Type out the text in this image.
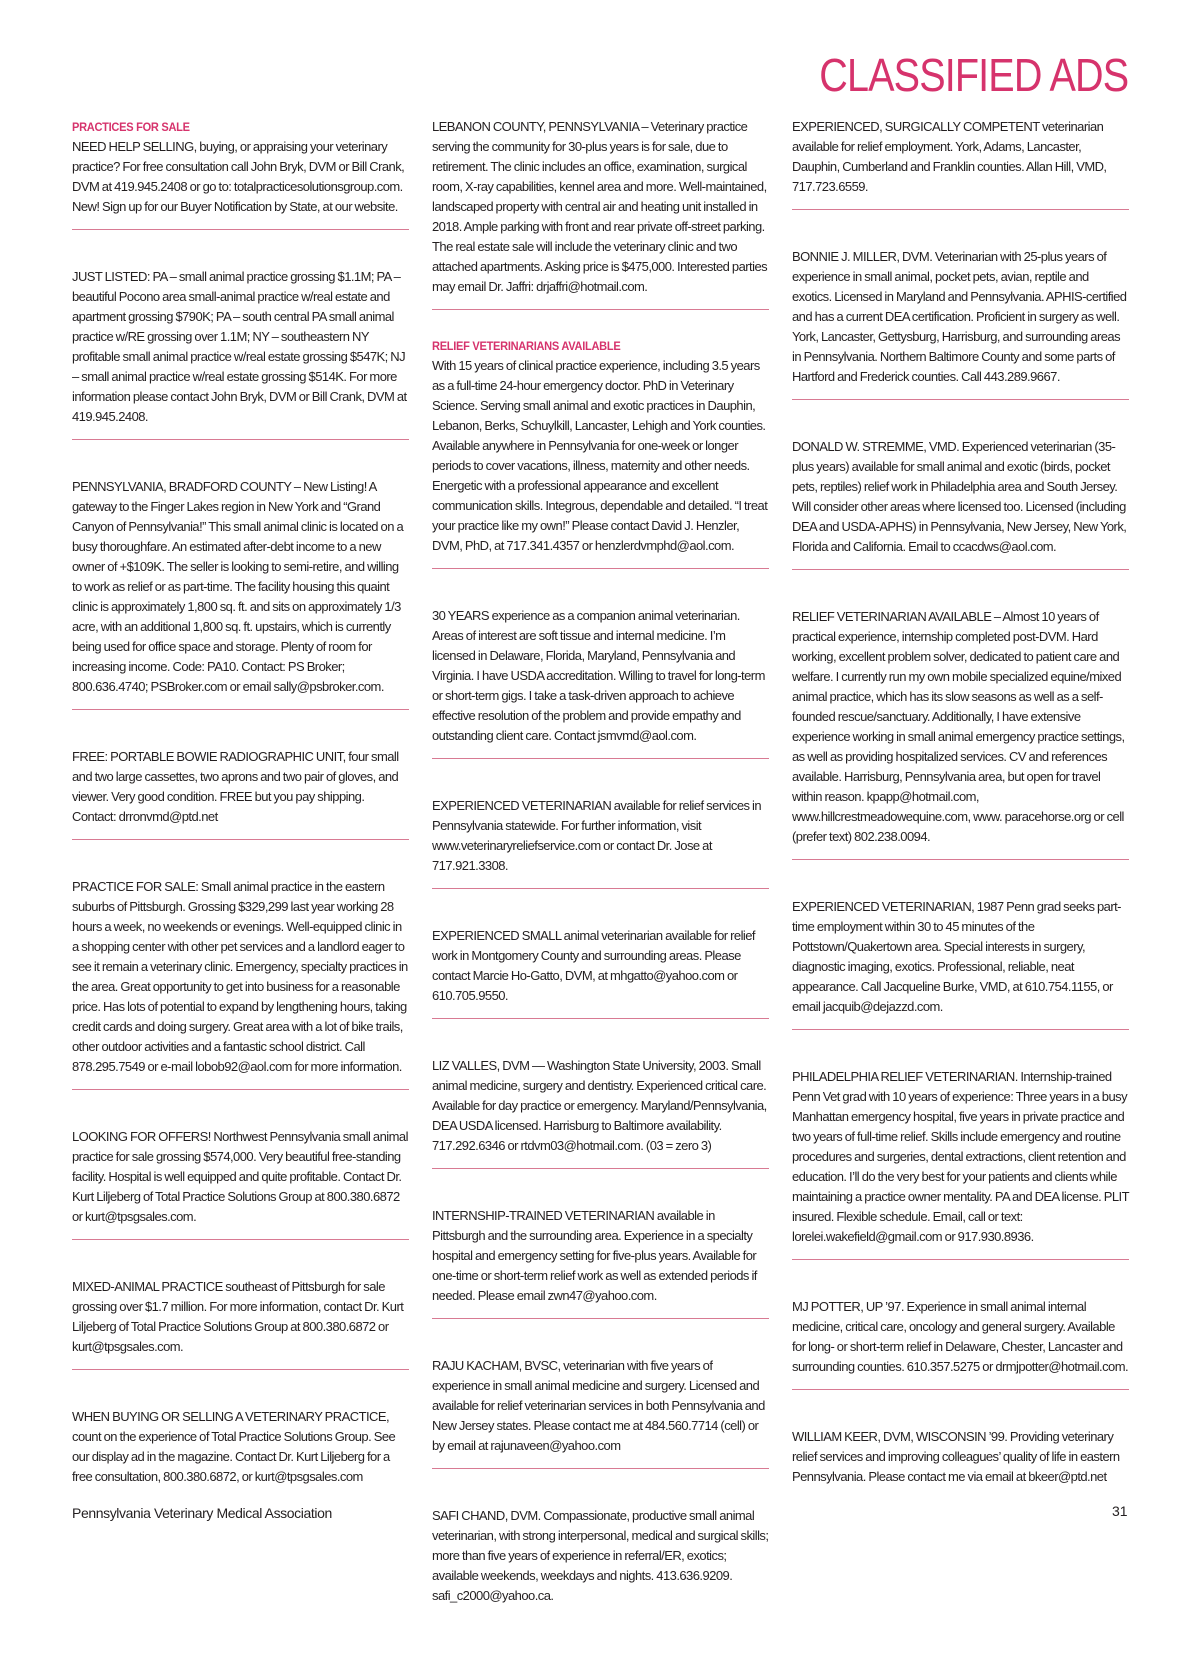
CLASSIFIED ADS
PRACTICES FOR SALE

NEED HELP SELLING, buying, or appraising your veterinary practice? For free consultation call John Bryk, DVM or Bill Crank, DVM at 419.945.2408 or go to: totalpracticesolutionsgroup.com. New! Sign up for our Buyer Notification by State, at our website.

JUST LISTED: PA – small animal practice grossing $1.1M; PA – beautiful Pocono area small-animal practice w/real estate and apartment grossing $790K; PA – south central PA small animal practice w/RE grossing over 1.1M; NY – southeastern NY profitable small animal practice w/real estate grossing $547K; NJ – small animal practice w/real estate grossing $514K. For more information please contact John Bryk, DVM or Bill Crank, DVM at 419.945.2408.

PENNSYLVANIA, BRADFORD COUNTY – New Listing! A gateway to the Finger Lakes region in New York and “Grand Canyon of Pennsylvania!” This small animal clinic is located on a busy thoroughfare. An estimated after-debt income to a new owner of +$109K. The seller is looking to semi-retire, and willing to work as relief or as part-time. The facility housing this quaint clinic is approximately 1,800 sq. ft. and sits on approximately 1/3 acre, with an additional 1,800 sq. ft. upstairs, which is currently being used for office space and storage. Plenty of room for increasing income. Code: PA10. Contact: PS Broker; 800.636.4740; PSBroker.com or email sally@psbroker.com.

FREE: PORTABLE BOWIE RADIOGRAPHIC UNIT, four small and two large cassettes, two aprons and two pair of gloves, and viewer. Very good condition. FREE but you pay shipping. Contact: drronvmd@ptd.net

PRACTICE FOR SALE: Small animal practice in the eastern suburbs of Pittsburgh. Grossing $329,299 last year working 28 hours a week, no weekends or evenings. Well-equipped clinic in a shopping center with other pet services and a landlord eager to see it remain a veterinary clinic. Emergency, specialty practices in the area. Great opportunity to get into business for a reasonable price. Has lots of potential to expand by lengthening hours, taking credit cards and doing surgery. Great area with a lot of bike trails, other outdoor activities and a fantastic school district. Call 878.295.7549 or e-mail lobob92@aol.com for more information.

LOOKING FOR OFFERS! Northwest Pennsylvania small animal practice for sale grossing $574,000. Very beautiful free-standing facility. Hospital is well equipped and quite profitable. Contact Dr. Kurt Liljeberg of Total Practice Solutions Group at 800.380.6872 or kurt@tpsgsales.com.

MIXED-ANIMAL PRACTICE southeast of Pittsburgh for sale grossing over $1.7 million. For more information, contact Dr. Kurt Liljeberg of Total Practice Solutions Group at 800.380.6872 or kurt@tpsgsales.com.

WHEN BUYING OR SELLING A VETERINARY PRACTICE, count on the experience of Total Practice Solutions Group. See our display ad in the magazine. Contact Dr. Kurt Liljeberg for a free consultation, 800.380.6872, or kurt@tpsgsales.com

LEBANON COUNTY, PENNSYLVANIA – Veterinary practice serving the community for 30-plus years is for sale, due to retirement. The clinic includes an office, examination, surgical room, X-ray capabilities, kennel area and more. Well-maintained, landscaped property with central air and heating unit installed in 2018. Ample parking with front and rear private off-street parking. The real estate sale will include the veterinary clinic and two attached apartments. Asking price is $475,000. Interested parties may email Dr. Jaffri: drjaffri@hotmail.com.

RELIEF VETERINARIANS AVAILABLE

With 15 years of clinical practice experience, including 3.5 years as a full-time 24-hour emergency doctor. PhD in Veterinary Science. Serving small animal and exotic practices in Dauphin, Lebanon, Berks, Schuylkill, Lancaster, Lehigh and York counties. Available anywhere in Pennsylvania for one-week or longer periods to cover vacations, illness, maternity and other needs. Energetic with a professional appearance and excellent communication skills. Integrous, dependable and detailed. “I treat your practice like my own!” Please contact David J. Henzler, DVM, PhD, at 717.341.4357 or henzlerdvmphd@aol.com.

30 YEARS experience as a companion animal veterinarian. Areas of interest are soft tissue and internal medicine. I’m licensed in Delaware, Florida, Maryland, Pennsylvania and Virginia. I have USDA accreditation. Willing to travel for long-term or short-term gigs. I take a task-driven approach to achieve effective resolution of the problem and provide empathy and outstanding client care. Contact jsmvmd@aol.com.

EXPERIENCED VETERINARIAN available for relief services in Pennsylvania statewide. For further information, visit www.veterinaryreliefservice.com or contact Dr. Jose at 717.921.3308.

EXPERIENCED SMALL animal veterinarian available for relief work in Montgomery County and surrounding areas. Please contact Marcie Ho-Gatto, DVM, at mhgatto@yahoo.com or 610.705.9550.

LIZ VALLES, DVM — Washington State University, 2003. Small animal medicine, surgery and dentistry. Experienced critical care. Available for day practice or emergency. Maryland/Pennsylvania, DEA USDA licensed. Harrisburg to Baltimore availability. 717.292.6346 or rtdvm03@hotmail.com. (03 = zero 3)

INTERNSHIP-TRAINED VETERINARIAN available in Pittsburgh and the surrounding area. Experience in a specialty hospital and emergency setting for five-plus years. Available for one-time or short-term relief work as well as extended periods if needed. Please email zwn47@yahoo.com.

RAJU KACHAM, BVSC, veterinarian with five years of experience in small animal medicine and surgery. Licensed and available for relief veterinarian services in both Pennsylvania and New Jersey states. Please contact me at 484.560.7714 (cell) or by email at rajunaveen@yahoo.com

SAFI CHAND, DVM. Compassionate, productive small animal veterinarian, with strong interpersonal, medical and surgical skills; more than five years of experience in referral/ER, exotics; available weekends, weekdays and nights. 413.636.9209. safi_c2000@yahoo.ca.

EXPERIENCED, SURGICALLY COMPETENT veterinarian available for relief employment. York, Adams, Lancaster, Dauphin, Cumberland and Franklin counties. Allan Hill, VMD, 717.723.6559.

BONNIE J. MILLER, DVM. Veterinarian with 25-plus years of experience in small animal, pocket pets, avian, reptile and exotics. Licensed in Maryland and Pennsylvania. APHIS-certified and has a current DEA certification. Proficient in surgery as well. York, Lancaster, Gettysburg, Harrisburg, and surrounding areas in Pennsylvania. Northern Baltimore County and some parts of Hartford and Frederick counties. Call 443.289.9667.

DONALD W. STREMME, VMD. Experienced veterinarian (35-plus years) available for small animal and exotic (birds, pocket pets, reptiles) relief work in Philadelphia area and South Jersey. Will consider other areas where licensed too. Licensed (including DEA and USDA-APHS) in Pennsylvania, New Jersey, New York, Florida and California. Email to ccacdws@aol.com.

RELIEF VETERINARIAN AVAILABLE – Almost 10 years of practical experience, internship completed post-DVM. Hard working, excellent problem solver, dedicated to patient care and welfare. I currently run my own mobile specialized equine/mixed animal practice, which has its slow seasons as well as a self-founded rescue/sanctuary. Additionally, I have extensive experience working in small animal emergency practice settings, as well as providing hospitalized services. CV and references available. Harrisburg, Pennsylvania area, but open for travel within reason. kpapp@hotmail.com, www.hillcrestmeadowequine.com, www. paracehorse.org or cell (prefer text) 802.238.0094.

EXPERIENCED VETERINARIAN, 1987 Penn grad seeks part-time employment within 30 to 45 minutes of the Pottstown/Quakertown area. Special interests in surgery, diagnostic imaging, exotics. Professional, reliable, neat appearance. Call Jacqueline Burke, VMD, at 610.754.1155, or email jacquib@dejazzd.com.

PHILADELPHIA RELIEF VETERINARIAN. Internship-trained Penn Vet grad with 10 years of experience: Three years in a busy Manhattan emergency hospital, five years in private practice and two years of full-time relief. Skills include emergency and routine procedures and surgeries, dental extractions, client retention and education. I’ll do the very best for your patients and clients while maintaining a practice owner mentality. PA and DEA license. PLIT insured. Flexible schedule. Email, call or text: lorelei.wakefield@gmail.com or 917.930.8936.

MJ POTTER, UP ’97. Experience in small animal internal medicine, critical care, oncology and general surgery. Available for long- or short-term relief in Delaware, Chester, Lancaster and surrounding counties. 610.357.5275 or drmjpotter@hotmail.com.

WILLIAM KEER, DVM, WISCONSIN ’99. Providing veterinary relief services and improving colleagues’ quality of life in eastern Pennsylvania. Please contact me via email at bkeer@ptd.net

Pennsylvania Veterinary Medical Association	31
